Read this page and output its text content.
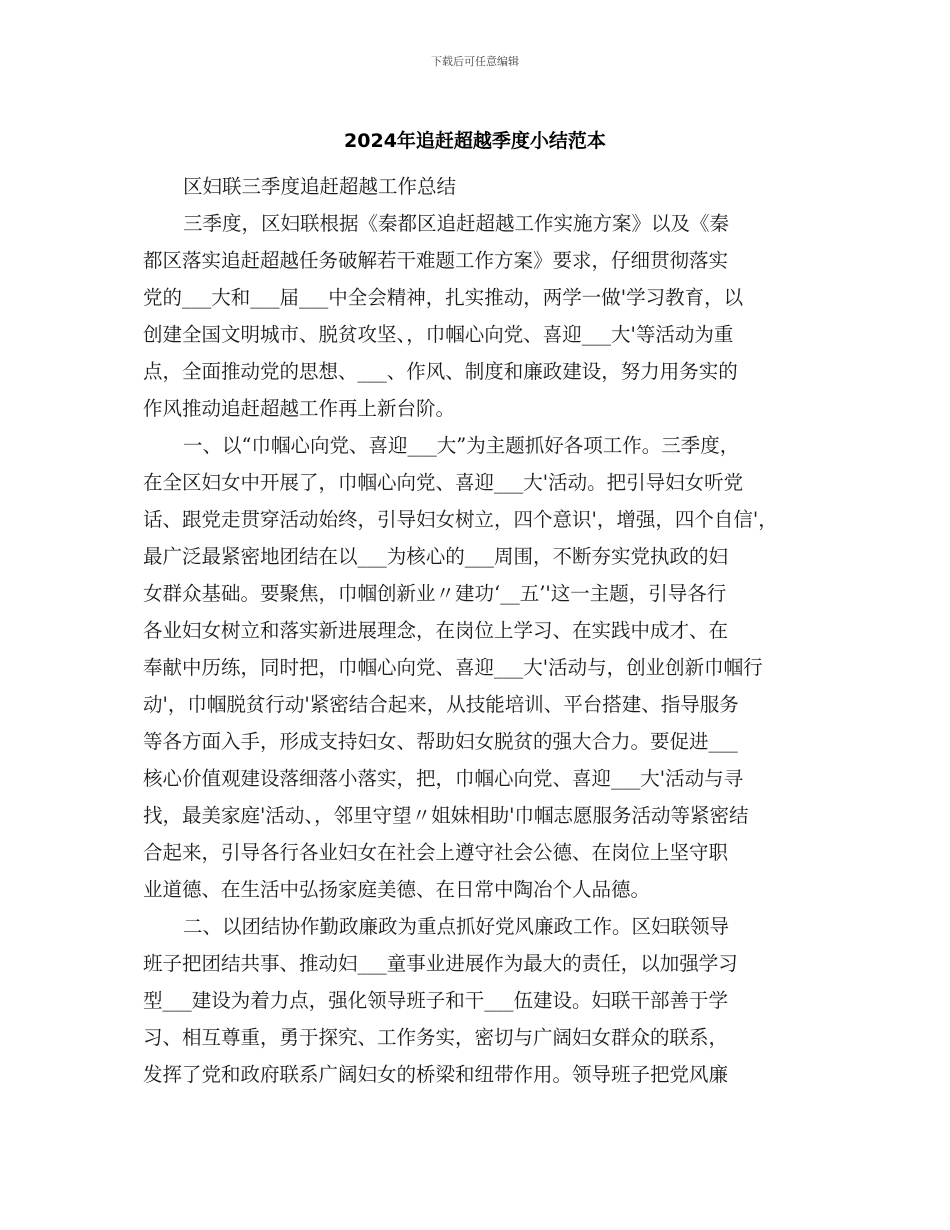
下载后可任意编辑
2024年追赶超越季度小结范本
区妇联三季度追赶超越工作总结
三季度，区妇联根据《秦都区追赶超越工作实施方案》以及《秦
都区落实追赶超越任务破解若干难题工作方案》要求，仔细贯彻落实
党的___大和___届___中全会精神，扎实推动，两学一做'学习教育，以
创建全国文明城市、脱贫攻坚、，巾帼心向党、喜迎___大'等活动为重
点，全面推动党的思想、___、作风、制度和廉政建设，努力用务实的
作风推动追赶超越工作再上新台阶。
一、以“巾帼心向党、喜迎___大”为主题抓好各项工作。三季度，
在全区妇女中开展了，巾帼心向党、喜迎___大'活动。把引导妇女听党
话、跟党走贯穿活动始终，引导妇女树立，四个意识'，增强，四个自信'，
最广泛最紧密地团结在以___为核心的___周围，不断夯实党执政的妇
女群众基础。要聚焦，巾帼创新业〃建功‘__五’'这一主题，引导各行
各业妇女树立和落实新进展理念，在岗位上学习、在实践中成才、在
奉献中历练，同时把，巾帼心向党、喜迎___大'活动与，创业创新巾帼行
动'，巾帼脱贫行动'紧密结合起来，从技能培训、平台搭建、指导服务
等各方面入手，形成支持妇女、帮助妇女脱贫的强大合力。要促进___
核心价值观建设落细落小落实，把，巾帼心向党、喜迎___大'活动与寻
找，最美家庭'活动、，邻里守望〃姐妹相助'巾帼志愿服务活动等紧密结
合起来，引导各行各业妇女在社会上遵守社会公德、在岗位上坚守职
业道德、在生活中弘扬家庭美德、在日常中陶冶个人品德。
二、以团结协作勤政廉政为重点抓好党风廉政工作。区妇联领导
班子把团结共事、推动妇___童事业进展作为最大的责任，以加强学习
型___建设为着力点，强化领导班子和干___伍建设。妇联干部善于学
习、相互尊重，勇于探究、工作务实，密切与广阔妇女群众的联系，
发挥了党和政府联系广阔妇女的桥梁和纽带作用。领导班子把党风廉
